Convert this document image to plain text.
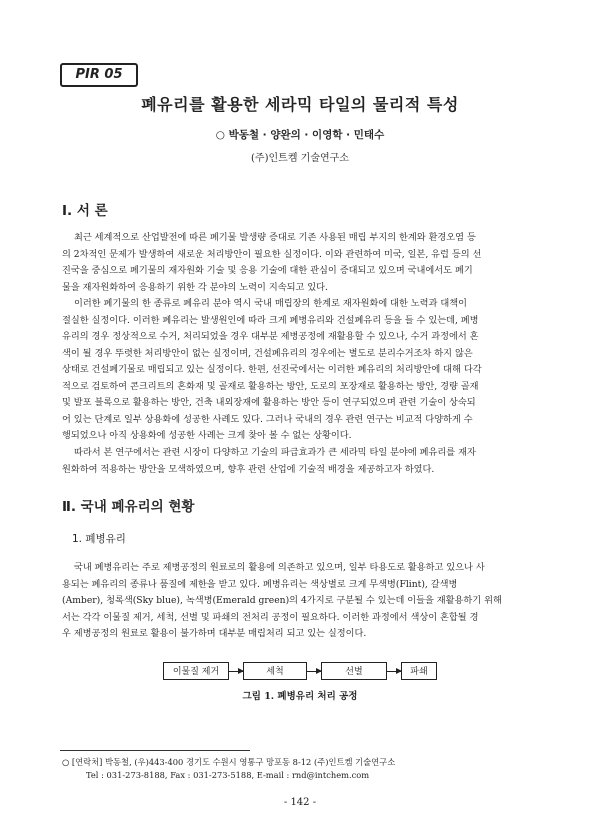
PIR 05
폐유리를 활용한 세라믹 타일의 물리적 특성
○ 박동철 · 양완의 · 이영학 · 민태수
(주)인트켐 기술연구소
Ⅰ. 서 론
최근 세계적으로 산업발전에 따른 폐기물 발생량 증대로 기존 사용된 매립 부지의 한계와 환경오염 등
의 2차적인 문제가 발생하여 새로운 처리방안이 필요한 실정이다. 이와 관련하여 미국, 일본, 유럽 등의 선
진국을 중심으로 폐기물의 재자원화 기술 및 응용 기술에 대한 관심이 증대되고 있으며 국내에서도 폐기
물을 재자원화하여 응용하기 위한 각 분야의 노력이 지속되고 있다.
이러한 폐기물의 한 종류로 폐유리 분야 역시 국내 매립장의 한계로 재자원화에 대한 노력과 대책이
절실한 실정이다. 이러한 폐유리는 발생원인에 따라 크게 폐병유리와 건설폐유리 등을 들 수 있는데, 폐병
유리의 경우 정상적으로 수거, 처리되었을 경우 대부분 제병공정에 재활용할 수 있으나, 수거 과정에서 혼
색이 될 경우 뚜렷한 처리방안이 없는 실정이며, 건설폐유리의 경우에는 별도로 분리수거조차 하지 않은
상태로 건설폐기물로 매립되고 있는 실정이다. 한편, 선진국에서는 이러한 폐유리의 처리방안에 대해 다각
적으로 검토하여 콘크리트의 혼화재 및 골재로 활용하는 방안, 도로의 포장재로 활용하는 방안, 경량 골재
및 발포 블록으로 활용하는 방안, 건축 내외장재에 활용하는 방안 등이 연구되었으며 관련 기술이 상숙되
어 있는 단계로 일부 상용화에 성공한 사례도 있다. 그러나 국내의 경우 관련 연구는 비교적 다양하게 수
행되었으나 아직 상용화에 성공한 사례는 크게 찾아 볼 수 없는 상황이다.
따라서 본 연구에서는 관련 시장이 다양하고 기술의 파급효과가 큰 세라믹 타일 분야에 폐유리를 재자
원화하여 적용하는 방안을 모색하였으며, 향후 관련 산업에 기술적 배경을 제공하고자 하였다.
Ⅱ. 국내 폐유리의 현황
1. 폐병유리
국내 폐병유리는 주로 제병공정의 원료로의 활용에 의존하고 있으며, 일부 타용도로 활용하고 있으나 사
용되는 폐유리의 종류나 품질에 제한을 받고 있다. 폐병유리는 색상별로 크게 무색병(Flint), 갈색병
(Amber), 청록색(Sky blue), 녹색병(Emerald green)의 4가지로 구분될 수 있는데 이들을 재활용하기 위해
서는 각각 이물질 제거, 세척, 선별 및 파쇄의 전처리 공정이 필요하다. 이러한 과정에서 색상이 혼합될 경
우 제병공정의 원료로 활용이 불가하며 대부분 매립처리 되고 있는 실정이다.
이물질 제거	세척	선별	파쇄
그림 1. 폐병유리 처리 공정
○ [연락처] 박동철, (우)443-400 경기도 수원시 영통구 망포동 8-12 (주)인트켐 기술연구소
Tel : 031-273-8188, Fax : 031-273-5188, E-mail : rnd@intchem.com
- 142 -
